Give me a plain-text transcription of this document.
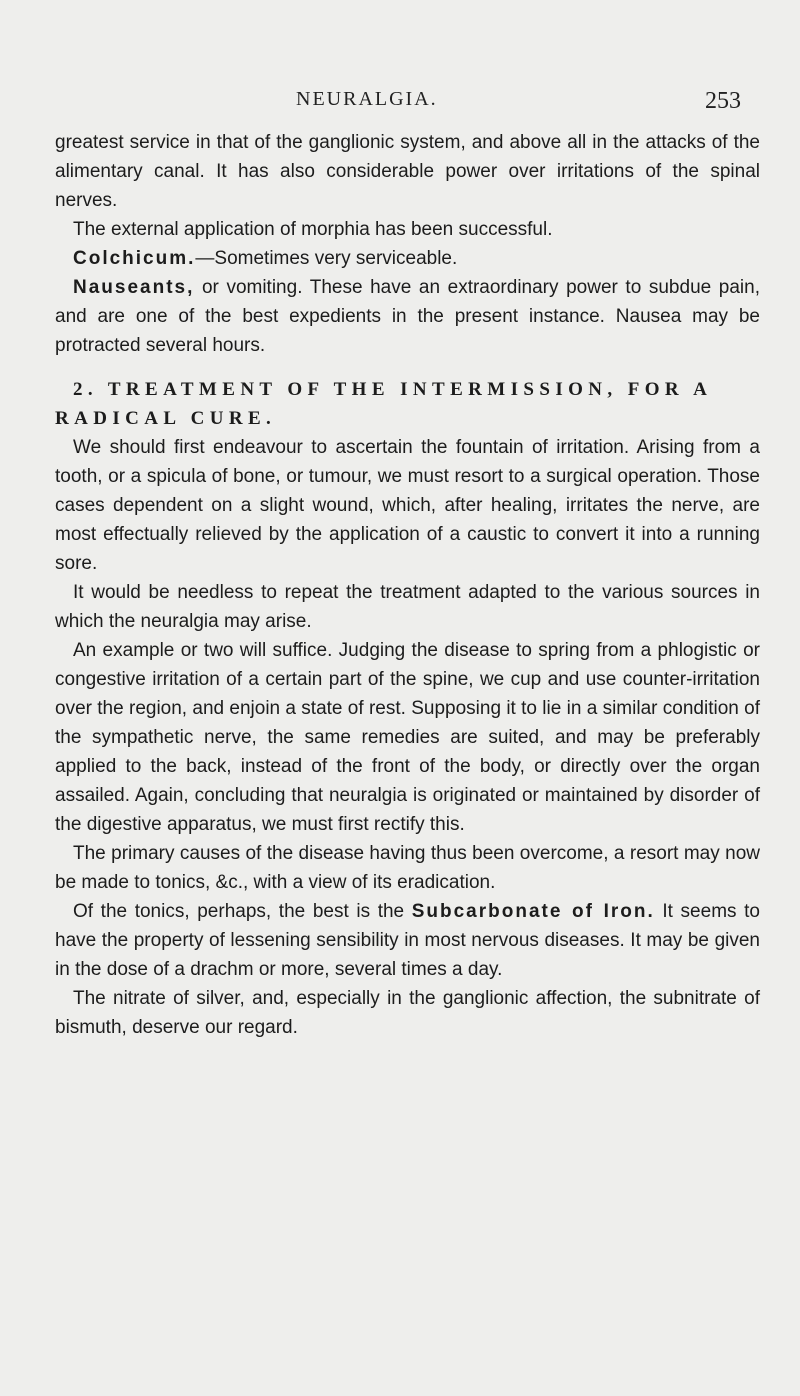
NEURALGIA.	253

greatest service in that of the ganglionic system, and above all in the attacks of the alimentary canal. It has also considerable power over irritations of the spinal nerves.

The external application of morphia has been successful.

Colchicum.—Sometimes very serviceable.

Nauseants, or vomiting. These have an extraordinary power to subdue pain, and are one of the best expedients in the present instance. Nausea may be protracted several hours.

2. TREATMENT OF THE INTERMISSION, FOR A RADICAL CURE.

We should first endeavour to ascertain the fountain of irritation. Arising from a tooth, or a spicula of bone, or tumour, we must resort to a surgical operation. Those cases dependent on a slight wound, which, after healing, irritates the nerve, are most effectually relieved by the application of a caustic to convert it into a running sore.

It would be needless to repeat the treatment adapted to the various sources in which the neuralgia may arise.

An example or two will suffice. Judging the disease to spring from a phlogistic or congestive irritation of a certain part of the spine, we cup and use counter-irritation over the region, and enjoin a state of rest. Supposing it to lie in a similar condition of the sympathetic nerve, the same remedies are suited, and may be preferably applied to the back, instead of the front of the body, or directly over the organ assailed. Again, concluding that neuralgia is originated or maintained by disorder of the digestive apparatus, we must first rectify this.

The primary causes of the disease having thus been overcome, a resort may now be made to tonics, &c., with a view of its eradication.

Of the tonics, perhaps, the best is the Subcarbonate of Iron. It seems to have the property of lessening sensibility in most nervous diseases. It may be given in the dose of a drachm or more, several times a day.

The nitrate of silver, and, especially in the ganglionic affection, the subnitrate of bismuth, deserve our regard.
